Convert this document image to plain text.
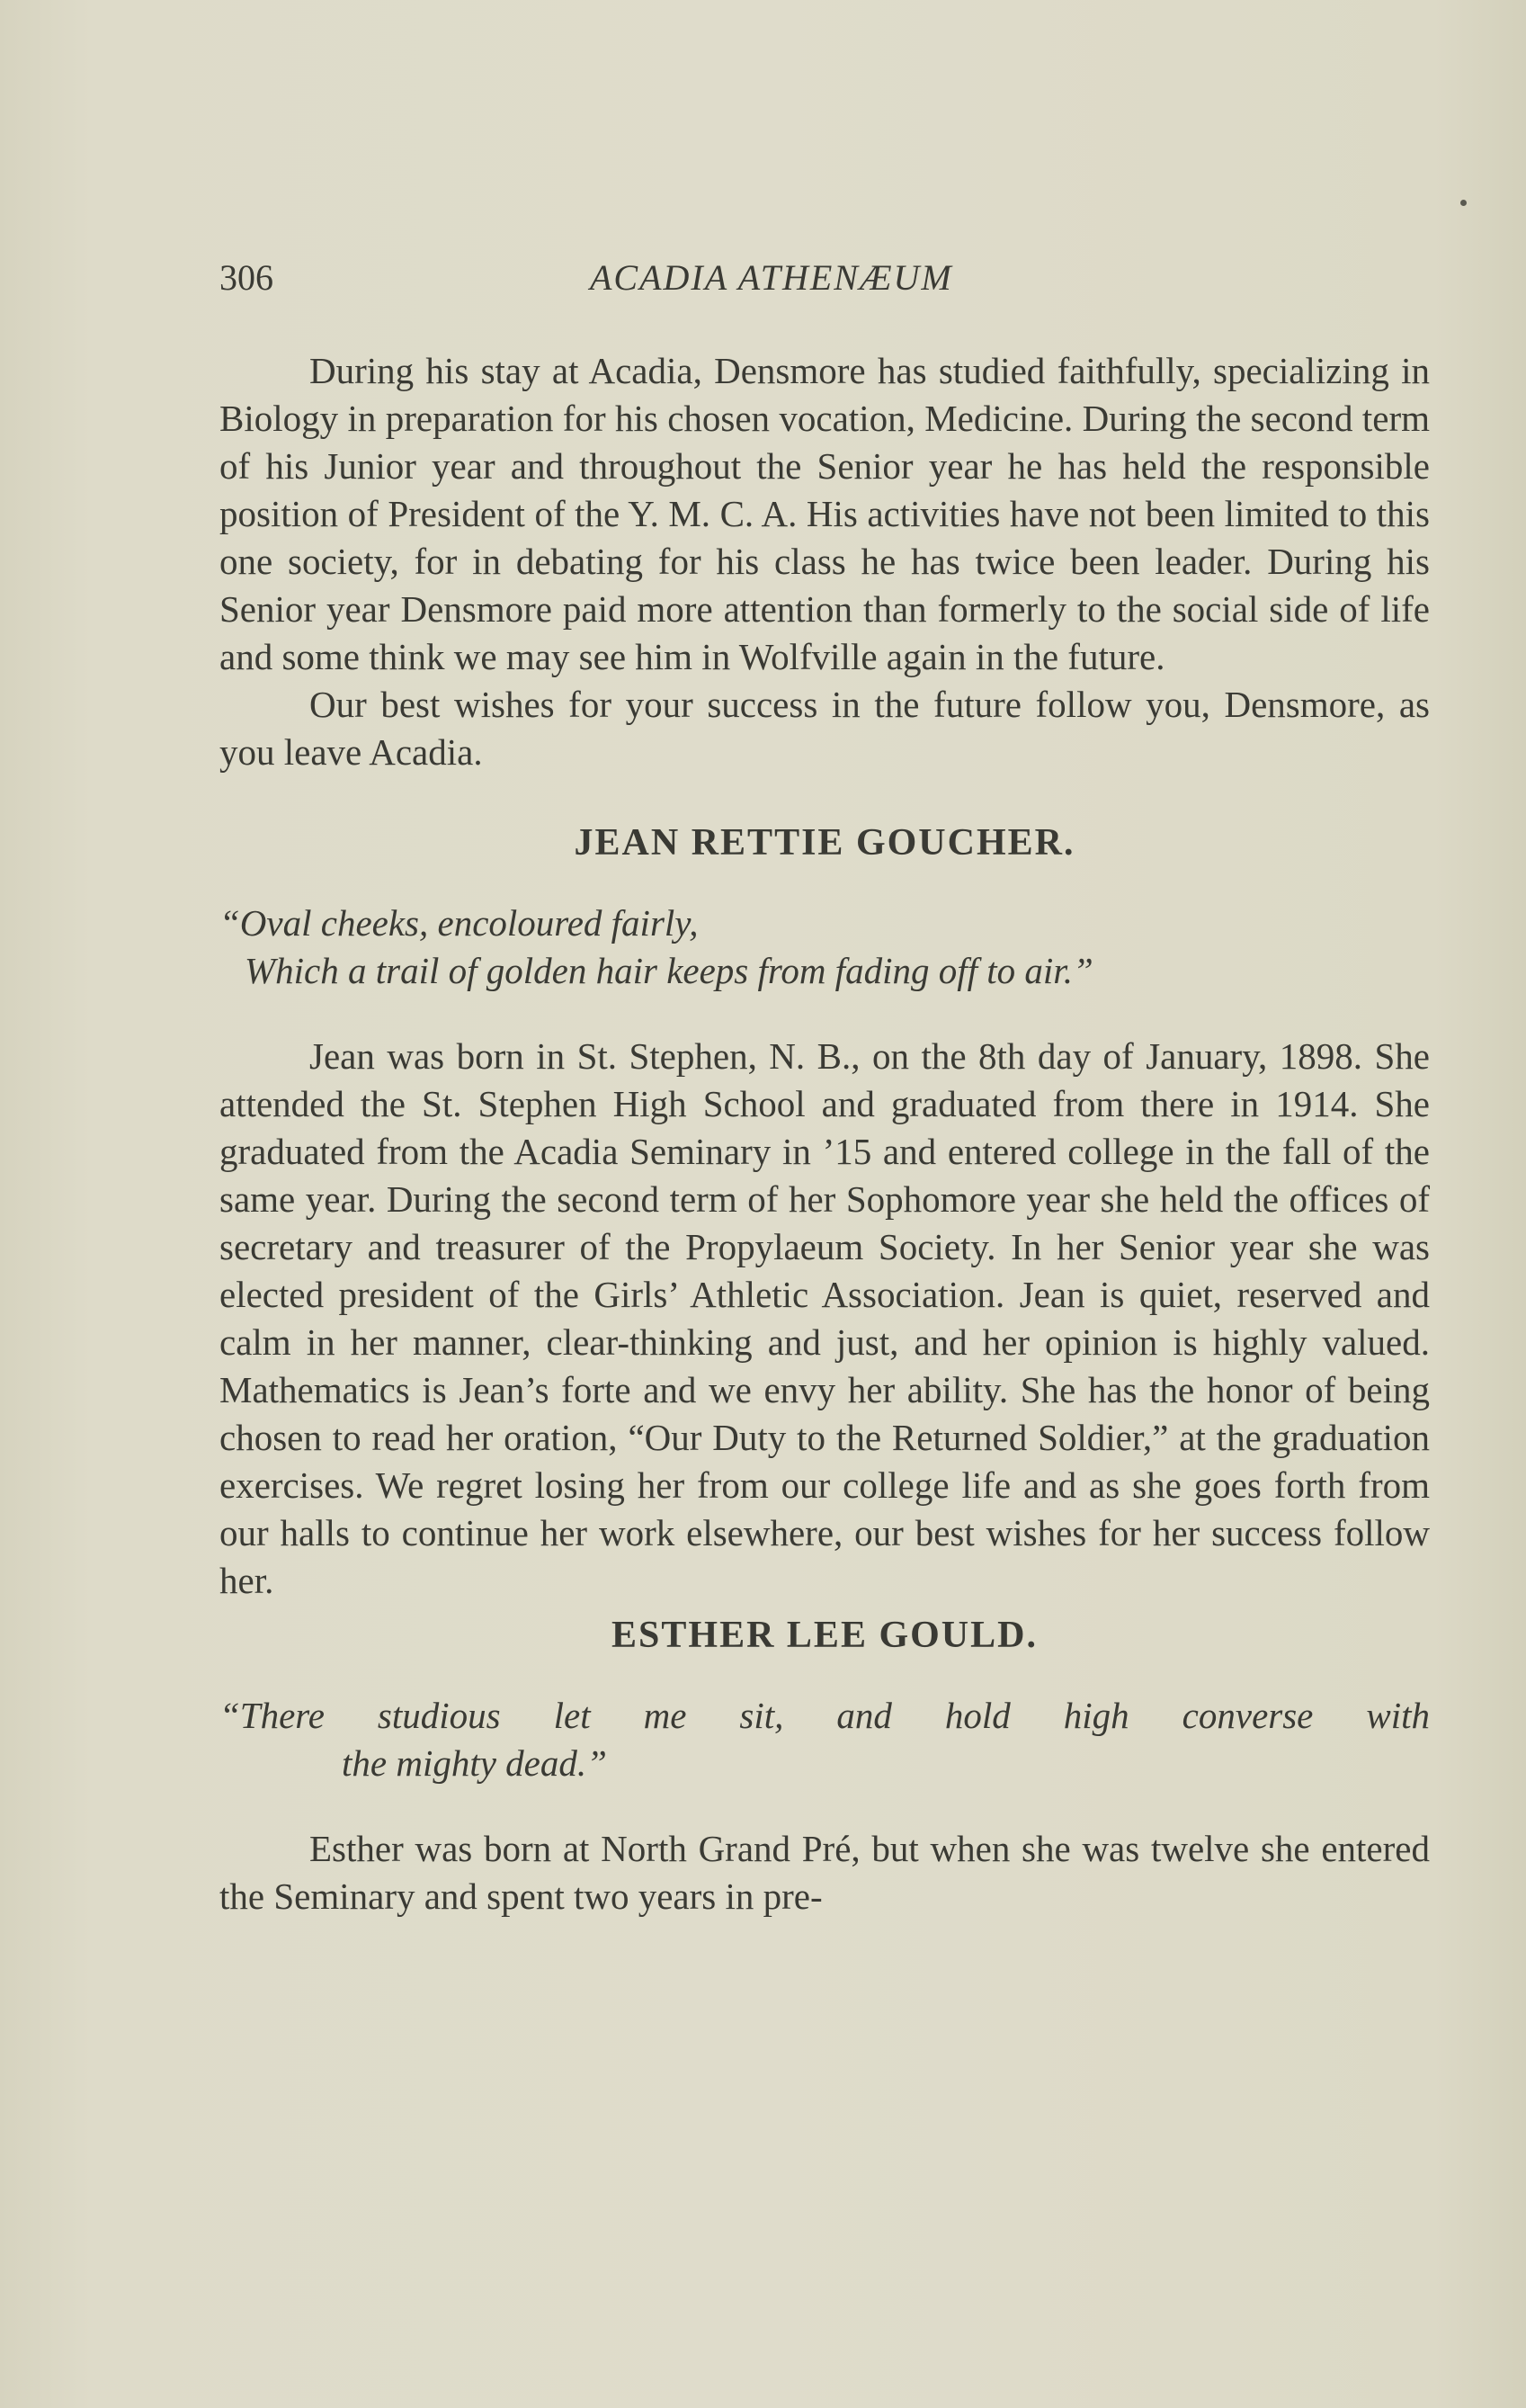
306	ACADIA ATHENÆUM

During his stay at Acadia, Densmore has studied faithfully, specializing in Biology in preparation for his chosen vocation, Medicine. During the second term of his Junior year and throughout the Senior year he has held the responsible position of President of the Y. M. C. A. His activities have not been limited to this one society, for in debating for his class he has twice been leader. During his Senior year Densmore paid more attention than formerly to the social side of life and some think we may see him in Wolfville again in the future.

Our best wishes for your success in the future follow you, Densmore, as you leave Acadia.

JEAN RETTIE GOUCHER.

“Oval cheeks, encoloured fairly,
Which a trail of golden hair keeps from fading off to air.”

Jean was born in St. Stephen, N. B., on the 8th day of January, 1898. She attended the St. Stephen High School and graduated from there in 1914. She graduated from the Acadia Seminary in ’15 and entered college in the fall of the same year. During the second term of her Sophomore year she held the offices of secretary and treasurer of the Propylaeum Society. In her Senior year she was elected president of the Girls’ Athletic Association. Jean is quiet, reserved and calm in her manner, clear-thinking and just, and her opinion is highly valued. Mathematics is Jean’s forte and we envy her ability. She has the honor of being chosen to read her oration, “Our Duty to the Returned Soldier,” at the graduation exercises. We regret losing her from our college life and as she goes forth from our halls to continue her work elsewhere, our best wishes for her success follow her.

ESTHER LEE GOULD.

“There studious let me sit, and hold high converse with
the mighty dead.”

Esther was born at North Grand Pré, but when she was twelve she entered the Seminary and spent two years in pre-
